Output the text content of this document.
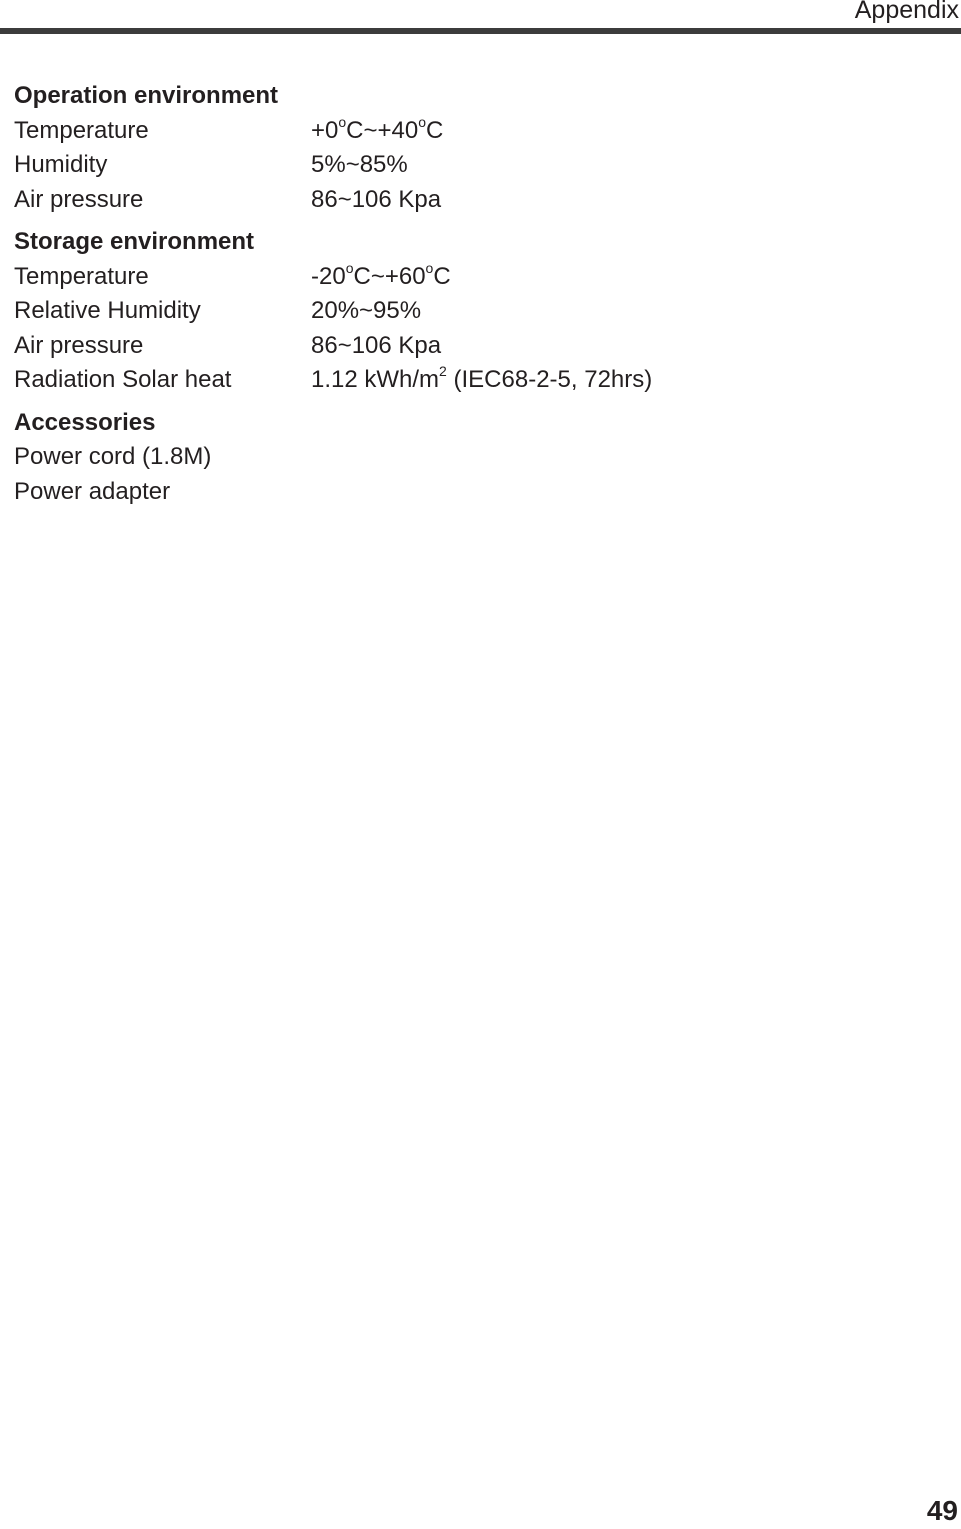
Appendix
Operation environment
Temperature	$+0^oC\sim+40^oC$
Humidity	5%~85%
Air pressure	86~106 Kpa
Storage environment
Temperature	$-20^oC\sim+60^oC$
Relative Humidity	20%~95%
Air pressure	86~106 Kpa
Radiation Solar heat	1.12 kWh/$m^2$ (IEC68-2-5, 72hrs)
Accessories
Power cord (1.8M)
Power adapter
49
